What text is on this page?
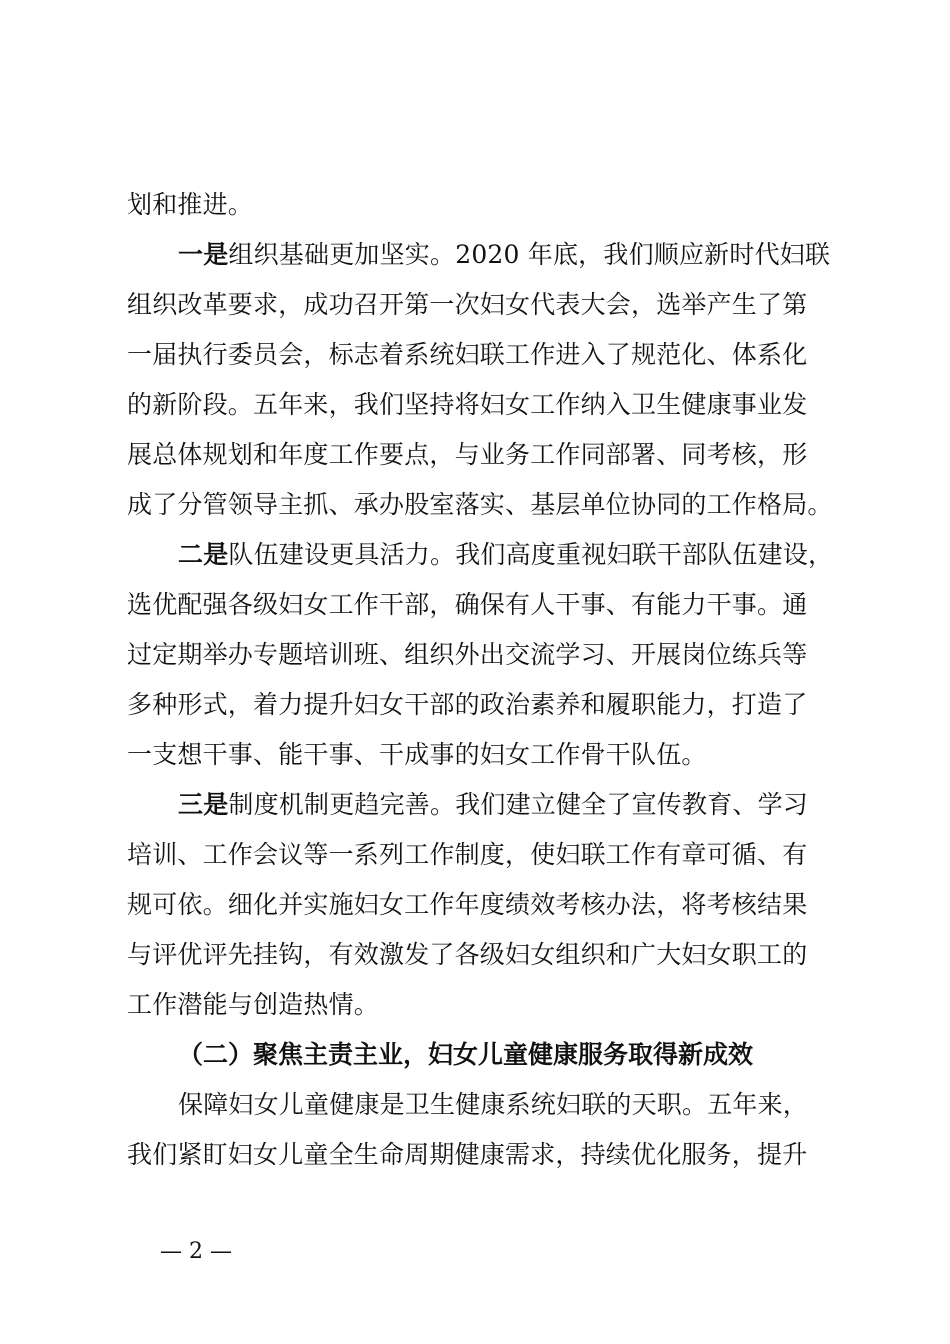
划和推进。
一是组织基础更加坚实。2020 年底，我们顺应新时代妇联
组织改革要求，成功召开第一次妇女代表大会，选举产生了第
一届执行委员会，标志着系统妇联工作进入了规范化、体系化
的新阶段。五年来，我们坚持将妇女工作纳入卫生健康事业发
展总体规划和年度工作要点，与业务工作同部署、同考核，形
成了分管领导主抓、承办股室落实、基层单位协同的工作格局。
二是队伍建设更具活力。我们高度重视妇联干部队伍建设，
选优配强各级妇女工作干部，确保有人干事、有能力干事。通
过定期举办专题培训班、组织外出交流学习、开展岗位练兵等
多种形式，着力提升妇女干部的政治素养和履职能力，打造了
一支想干事、能干事、干成事的妇女工作骨干队伍。
三是制度机制更趋完善。我们建立健全了宣传教育、学习
培训、工作会议等一系列工作制度，使妇联工作有章可循、有
规可依。细化并实施妇女工作年度绩效考核办法，将考核结果
与评优评先挂钩，有效激发了各级妇女组织和广大妇女职工的
工作潜能与创造热情。
（二）聚焦主责主业，妇女儿童健康服务取得新成效
保障妇女儿童健康是卫生健康系统妇联的天职。五年来，
我们紧盯妇女儿童全生命周期健康需求，持续优化服务，提升
— 2 —
